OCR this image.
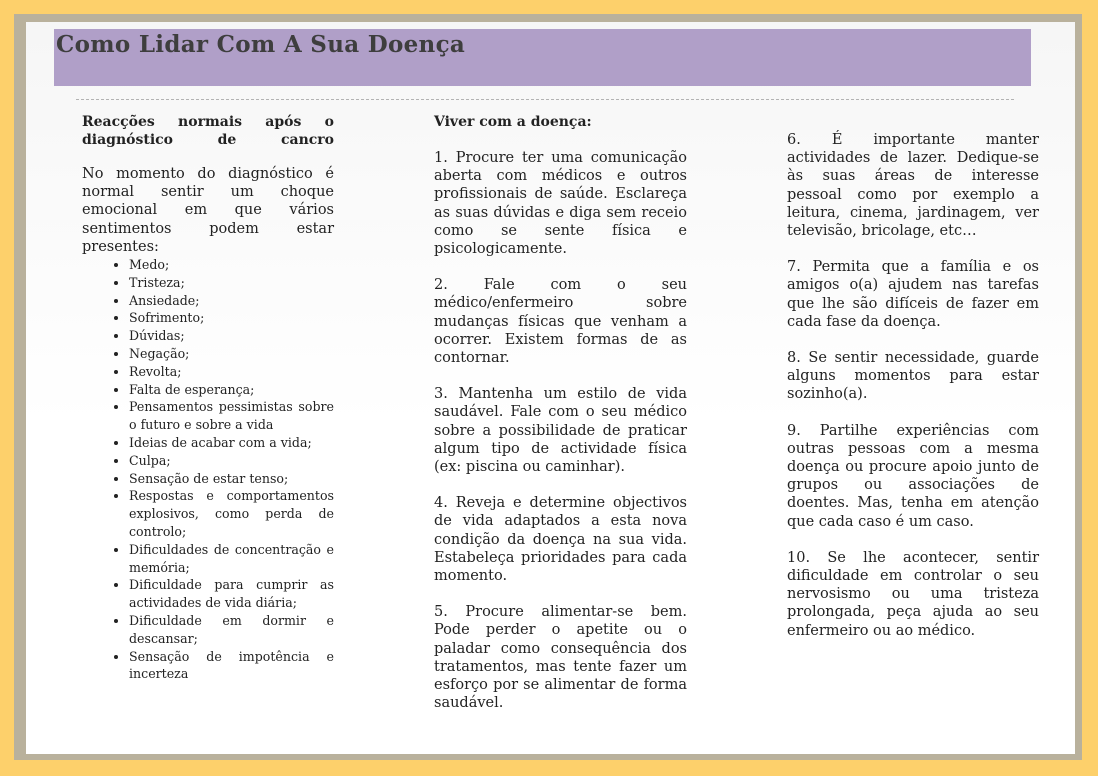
Como Lidar Com A Sua Doença

Reacções normais após o diagnóstico de cancro

No momento do diagnóstico é normal sentir um choque emocional em que vários sentimentos podem estar presentes:

• Medo;
• Tristeza;
• Ansiedade;
• Sofrimento;
• Dúvidas;
• Negação;
• Revolta;
• Falta de esperança;
• Pensamentos pessimistas sobre o futuro e sobre a vida
• Ideias de acabar com a vida;
• Culpa;
• Sensação de estar tenso;
• Respostas e comportamentos explosivos, como perda de controlo;
• Dificuldades de concentração e memória;
• Dificuldade para cumprir as actividades de vida diária;
• Dificuldade em dormir e descansar;
• Sensação de impotência e incerteza

Viver com a doença:

1. Procure ter uma comunicação aberta com médicos e outros profissionais de saúde. Esclareça as suas dúvidas e diga sem receio como se sente física e psicologicamente.

2. Fale com o seu médico/enfermeiro sobre mudanças físicas que venham a ocorrer. Existem formas de as contornar.

3. Mantenha um estilo de vida saudável. Fale com o seu médico sobre a possibilidade de praticar algum tipo de actividade física (ex: piscina ou caminhar).

4. Reveja e determine objectivos de vida adaptados a esta nova condição da doença na sua vida. Estabeleça prioridades para cada momento.

5. Procure alimentar-se bem. Pode perder o apetite ou o paladar como consequência dos tratamentos, mas tente fazer um esforço por se alimentar de forma saudável.

6. É importante manter actividades de lazer. Dedique-se às suas áreas de interesse pessoal como por exemplo a leitura, cinema, jardinagem, ver televisão, bricolage, etc…

7. Permita que a família e os amigos o(a) ajudem nas tarefas que lhe são difíceis de fazer em cada fase da doença.

8. Se sentir necessidade, guarde alguns momentos para estar sozinho(a).

9. Partilhe experiências com outras pessoas com a mesma doença ou procure apoio junto de grupos ou associações de doentes. Mas, tenha em atenção que cada caso é um caso.

10. Se lhe acontecer, sentir dificuldade em controlar o seu nervosismo ou uma tristeza prolongada, peça ajuda ao seu enfermeiro ou ao médico.
